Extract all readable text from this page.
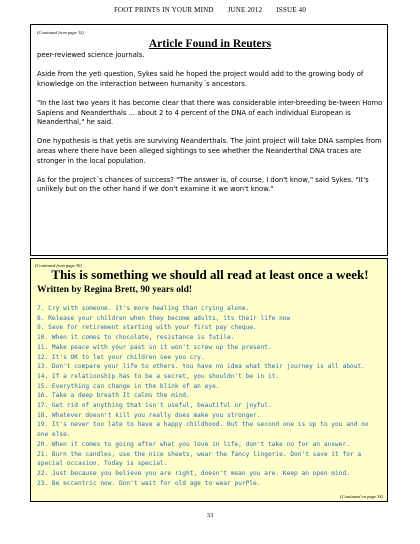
FOOT PRINTS IN YOUR MIND JUNE 2012 ISSUE 40
(Continued from page 32)
Article Found in Reuters

peer-reviewed science journals.

Aside from the yeti question, Sykes said he hoped the project would add to the growing body of knowledge on the interaction between humanity´s ancestors.

"In the last two years it has become clear that there was considerable inter-breeding be-tween Homo Sapiens and Neanderthals ... about 2 to 4 percent of the DNA of each individual European is Neanderthal," he said.

One hypothesis is that yetis are surviving Neanderthals. The joint project will take DNA samples from areas where there have been alleged sightings to see whether the Neanderthal DNA traces are stronger in the local population.

As for the project´s chances of success? "The answer is, of course, I don't know," said Sykes. "It's unlikely but on the other hand if we don't examine it we won't know."

(Continued from page 30)
This is something we should all read at least once a week!
Written by Regina Brett, 90 years old!
7. Cry with someone. It's more healing than crying alone.
8. Release your children when they become adults, its their life now
9. Save for retirement starting with your first pay cheque.
10. When it comes to chocolate, resistance is futile.
11. Make peace with your past so it won't screw up the present.
12. It's OK to let your children see you cry.
13. Don't compare your life to others. You have no idea what their journey is all about.
14. If a relationship has to be a secret, you shouldn't be in it.
15. Everything can change in the blink of an eye.
16. Take a deep breath It calms the mind.
17. Get rid of anything that isn't useful, beautiful or joyful.
18. Whatever doesn't kill you really does make you stronger.
19. It's never too late to have a happy childhood. But the second one is up to you and no one else.
20. When it comes to going after what you love in life, don't take no for an answer.
21. Burn the candles, use the nice sheets, wear the fancy lingerie. Don't save it for a special occasion. Today is special.
22. Just because you believe you are right, doesn't mean you are. Keep an open mind.
23. Be eccentric now. Don't wait for old age to wear purPle.
(Continued on page 34)
33
